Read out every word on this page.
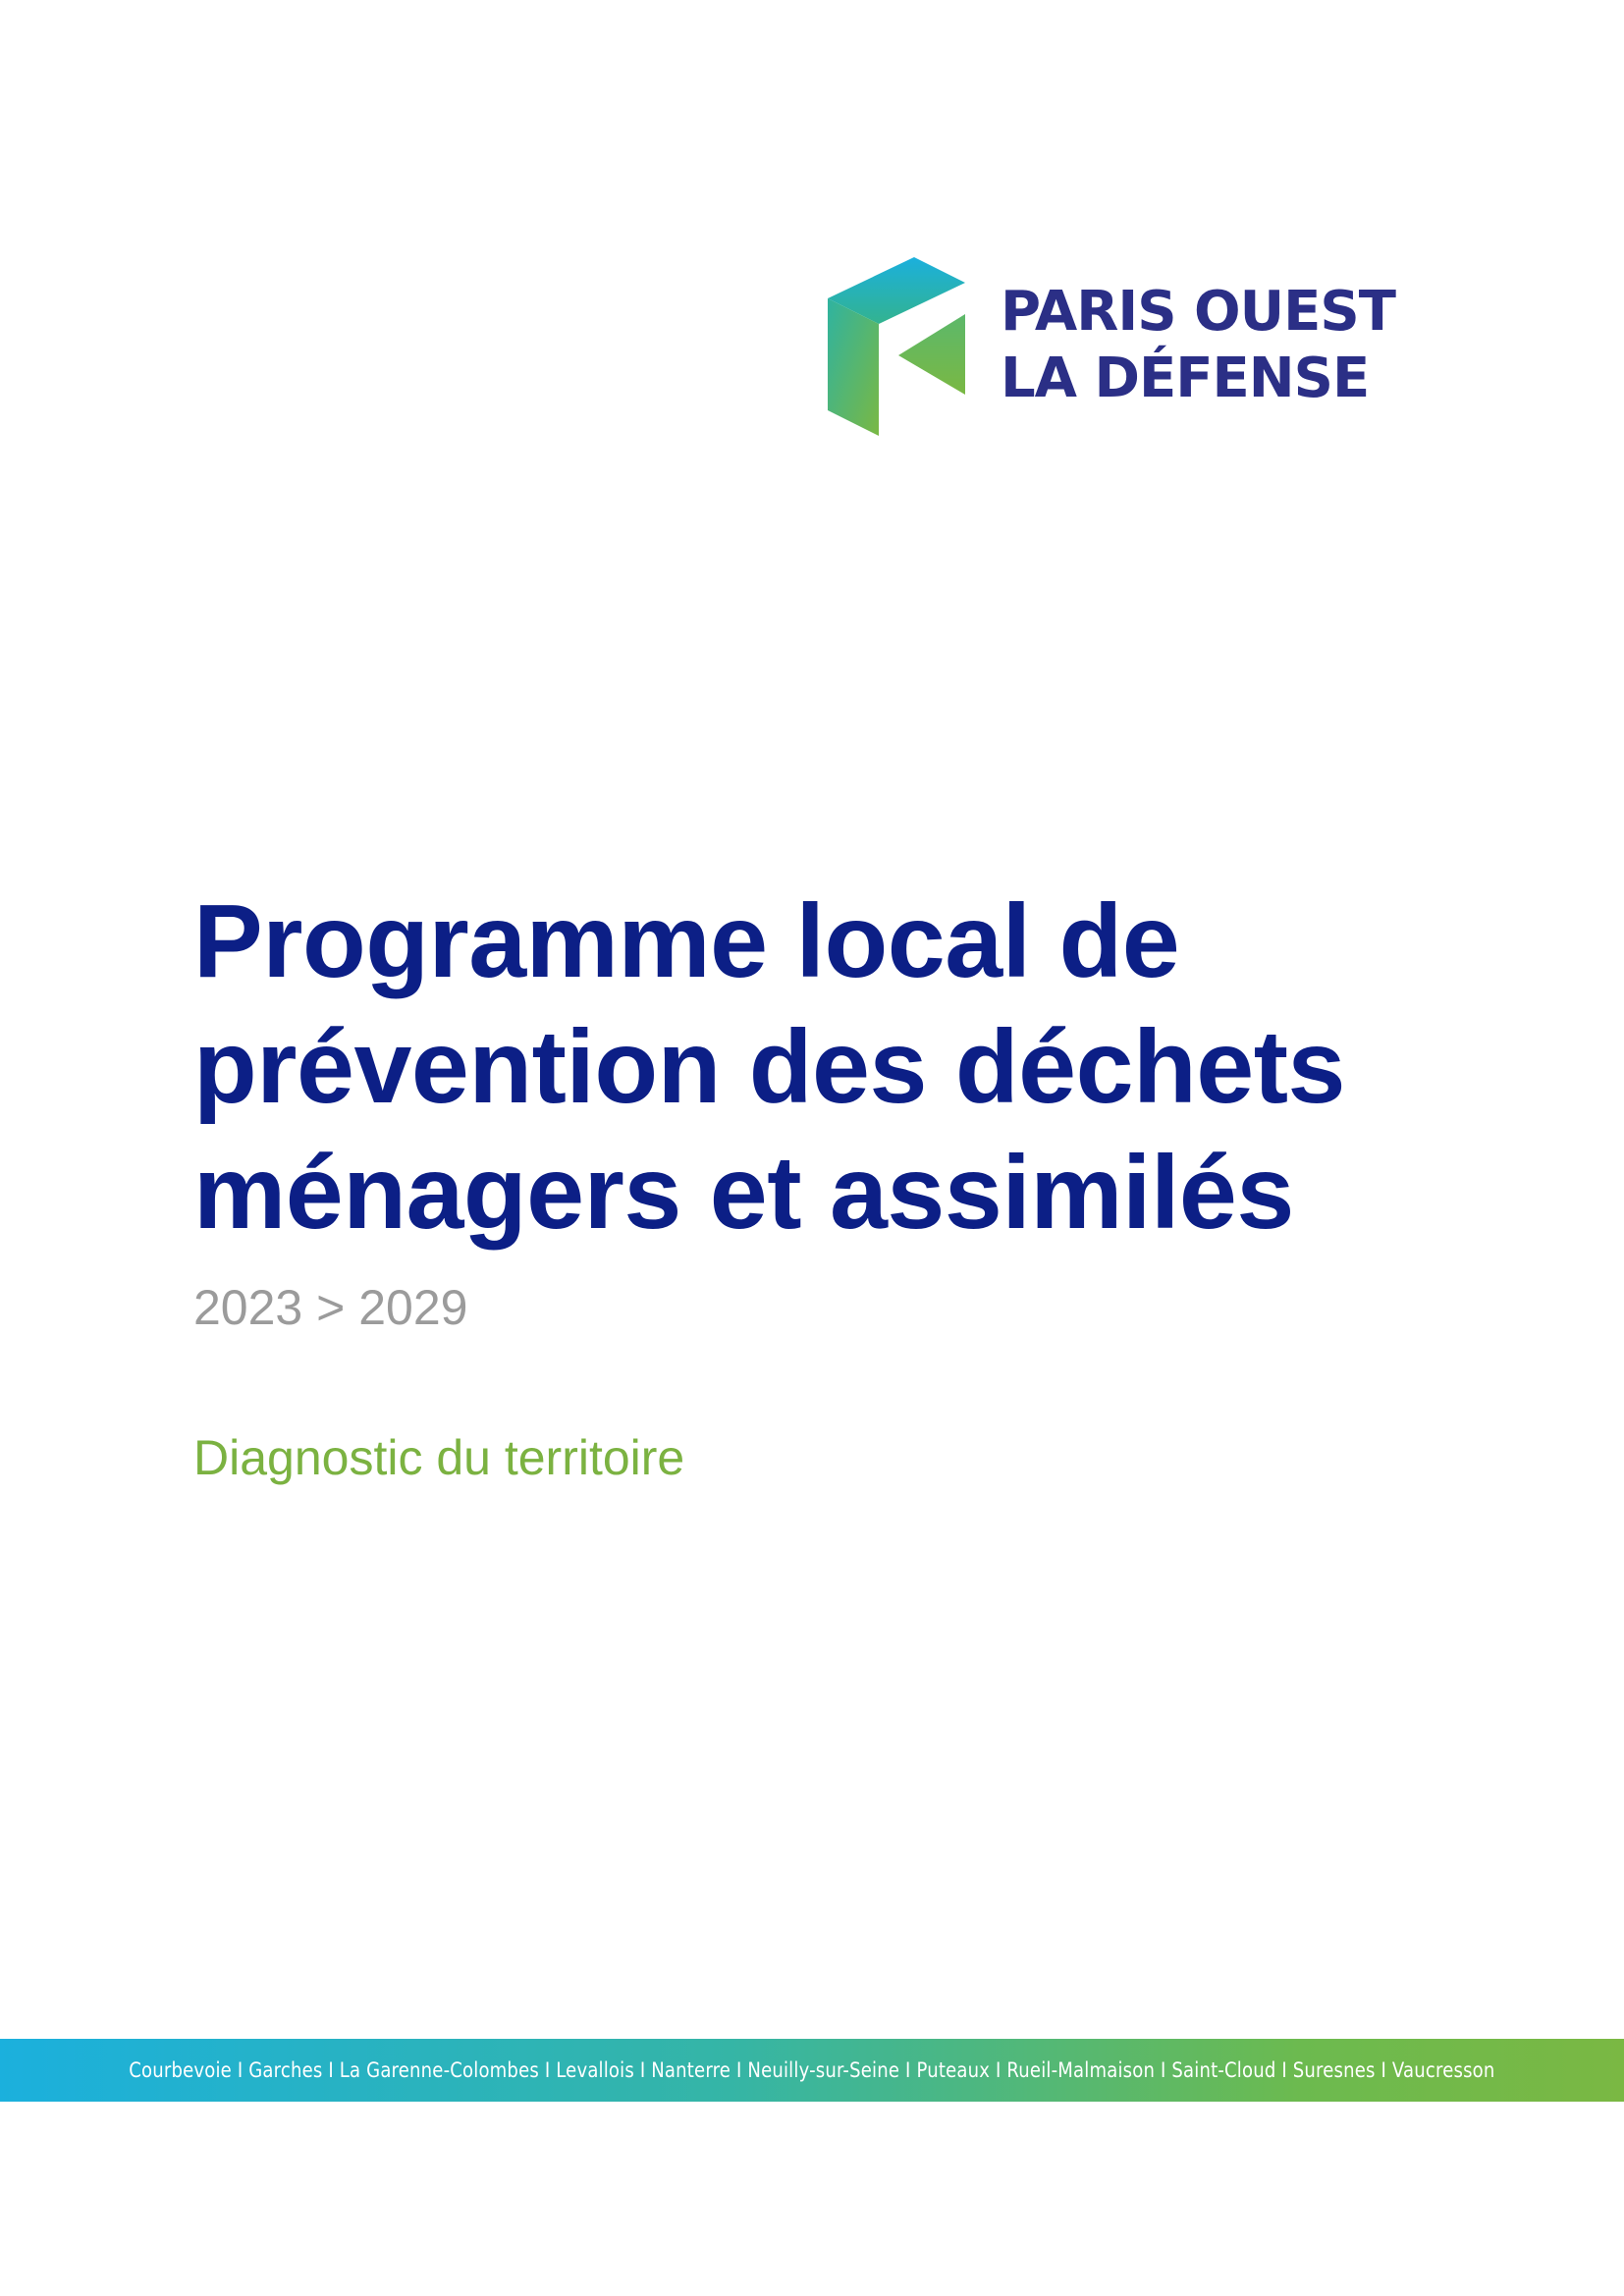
PARIS OUEST
LA DÉFENSE
Programme local de
prévention des déchets
ménagers et assimilés
2023 > 2029
Diagnostic du territoire
Courbevoie I Garches I La Garenne-Colombes I Levallois I Nanterre I Neuilly-sur-Seine I Puteaux I Rueil-Malmaison I Saint-Cloud I Suresnes I Vaucresson
